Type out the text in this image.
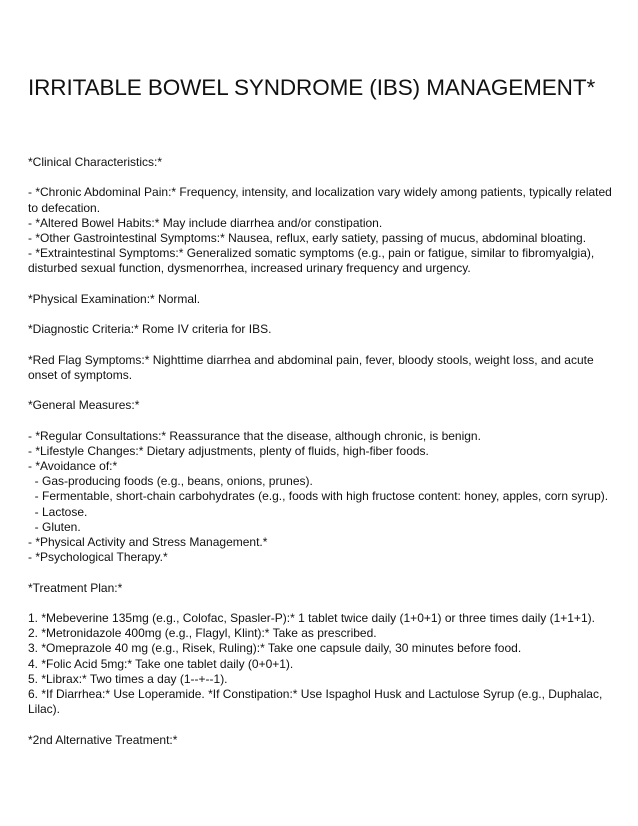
IRRITABLE BOWEL SYNDROME (IBS) MANAGEMENT*

*Clinical Characteristics:*

- *Chronic Abdominal Pain:* Frequency, intensity, and localization vary widely among patients, typically related to defecation.

- *Altered Bowel Habits:* May include diarrhea and/or constipation.

- *Other Gastrointestinal Symptoms:* Nausea, reflux, early satiety, passing of mucus, abdominal bloating.

- *Extraintestinal Symptoms:* Generalized somatic symptoms (e.g., pain or fatigue, similar to fibromyalgia), disturbed sexual function, dysmenorrhea, increased urinary frequency and urgency.

*Physical Examination:* Normal.

*Diagnostic Criteria:* Rome IV criteria for IBS.

*Red Flag Symptoms:* Nighttime diarrhea and abdominal pain, fever, bloody stools, weight loss, and acute onset of symptoms.

*General Measures:*

- *Regular Consultations:* Reassurance that the disease, although chronic, is benign.

- *Lifestyle Changes:* Dietary adjustments, plenty of fluids, high-fiber foods.

- *Avoidance of:*

- Gas-producing foods (e.g., beans, onions, prunes).

- Fermentable, short-chain carbohydrates (e.g., foods with high fructose content: honey, apples, corn syrup).

- Lactose.

- Gluten.

- *Physical Activity and Stress Management.*

- *Psychological Therapy.*

*Treatment Plan:*

1. *Mebeverine 135mg (e.g., Colofac, Spasler-P):* 1 tablet twice daily (1+0+1) or three times daily (1+1+1).

2. *Metronidazole 400mg (e.g., Flagyl, Klint):* Take as prescribed.

3. *Omeprazole 40 mg (e.g., Risek, Ruling):* Take one capsule daily, 30 minutes before food.

4. *Folic Acid 5mg:* Take one tablet daily (0+0+1).

5. *Librax:* Two times a day (1--+--1).

6. *If Diarrhea:* Use Loperamide. *If Constipation:* Use Ispaghol Husk and Lactulose Syrup (e.g., Duphalac, Lilac).

*2nd Alternative Treatment:*
